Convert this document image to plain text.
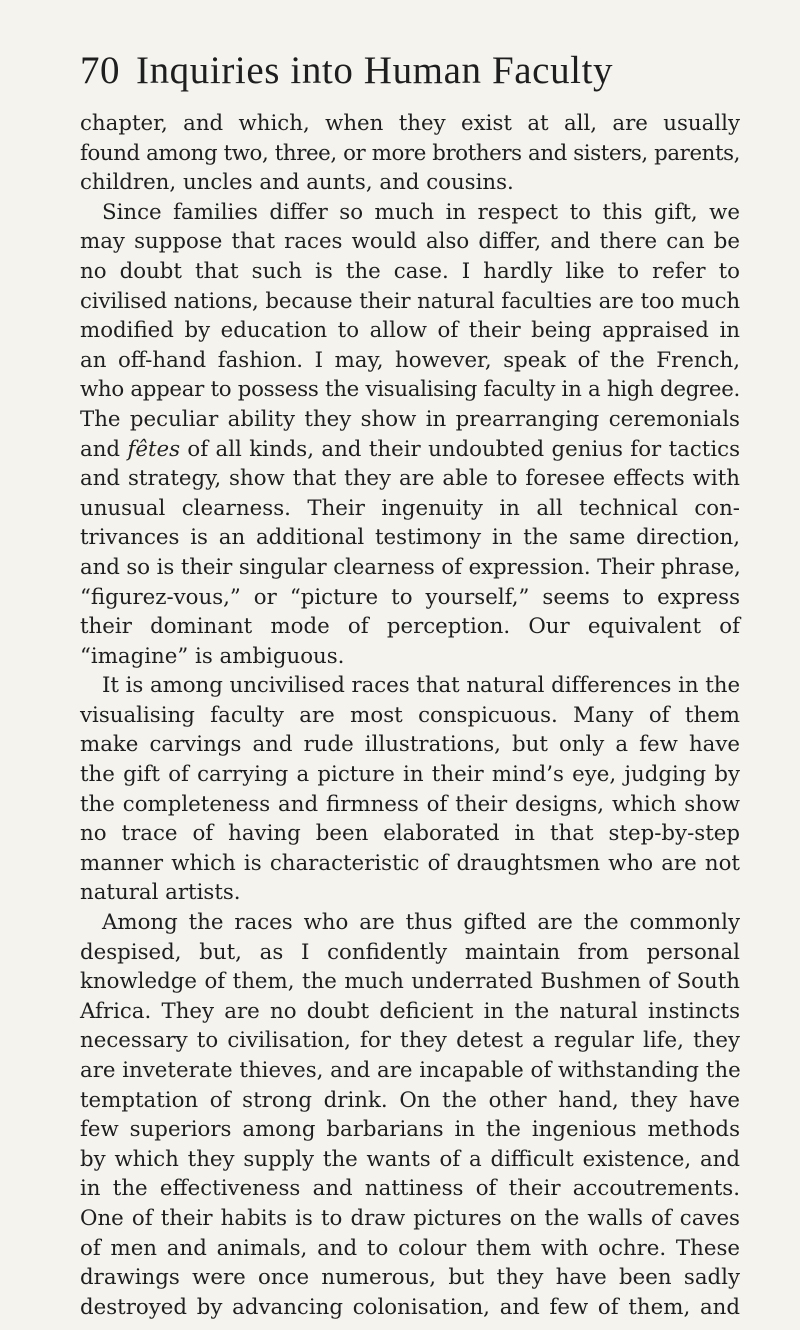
70 Inquiries into Human Faculty
chapter, and which, when they exist at all, are usually
found among two, three, or more brothers and sisters, parents,
children, uncles and aunts, and cousins.
Since families differ so much in respect to this gift, we
may suppose that races would also differ, and there can be
no doubt that such is the case. I hardly like to refer to
civilised nations, because their natural faculties are too much
modified by education to allow of their being appraised in
an off-hand fashion. I may, however, speak of the French,
who appear to possess the visualising faculty in a high degree.
The peculiar ability they show in prearranging ceremonials
and fêtes of all kinds, and their undoubted genius for tactics
and strategy, show that they are able to foresee effects with
unusual clearness. Their ingenuity in all technical con-
trivances is an additional testimony in the same direction,
and so is their singular clearness of expression. Their phrase,
“figurez-vous,” or “picture to yourself,” seems to express
their dominant mode of perception. Our equivalent of
“imagine” is ambiguous.
It is among uncivilised races that natural differences in the
visualising faculty are most conspicuous. Many of them
make carvings and rude illustrations, but only a few have
the gift of carrying a picture in their mind’s eye, judging by
the completeness and firmness of their designs, which show
no trace of having been elaborated in that step-by-step
manner which is characteristic of draughtsmen who are not
natural artists.
Among the races who are thus gifted are the commonly
despised, but, as I confidently maintain from personal
knowledge of them, the much underrated Bushmen of South
Africa. They are no doubt deficient in the natural instincts
necessary to civilisation, for they detest a regular life, they
are inveterate thieves, and are incapable of withstanding the
temptation of strong drink. On the other hand, they have
few superiors among barbarians in the ingenious methods
by which they supply the wants of a difficult existence, and
in the effectiveness and nattiness of their accoutrements.
One of their habits is to draw pictures on the walls of caves
of men and animals, and to colour them with ochre. These
drawings were once numerous, but they have been sadly
destroyed by advancing colonisation, and few of them, and
